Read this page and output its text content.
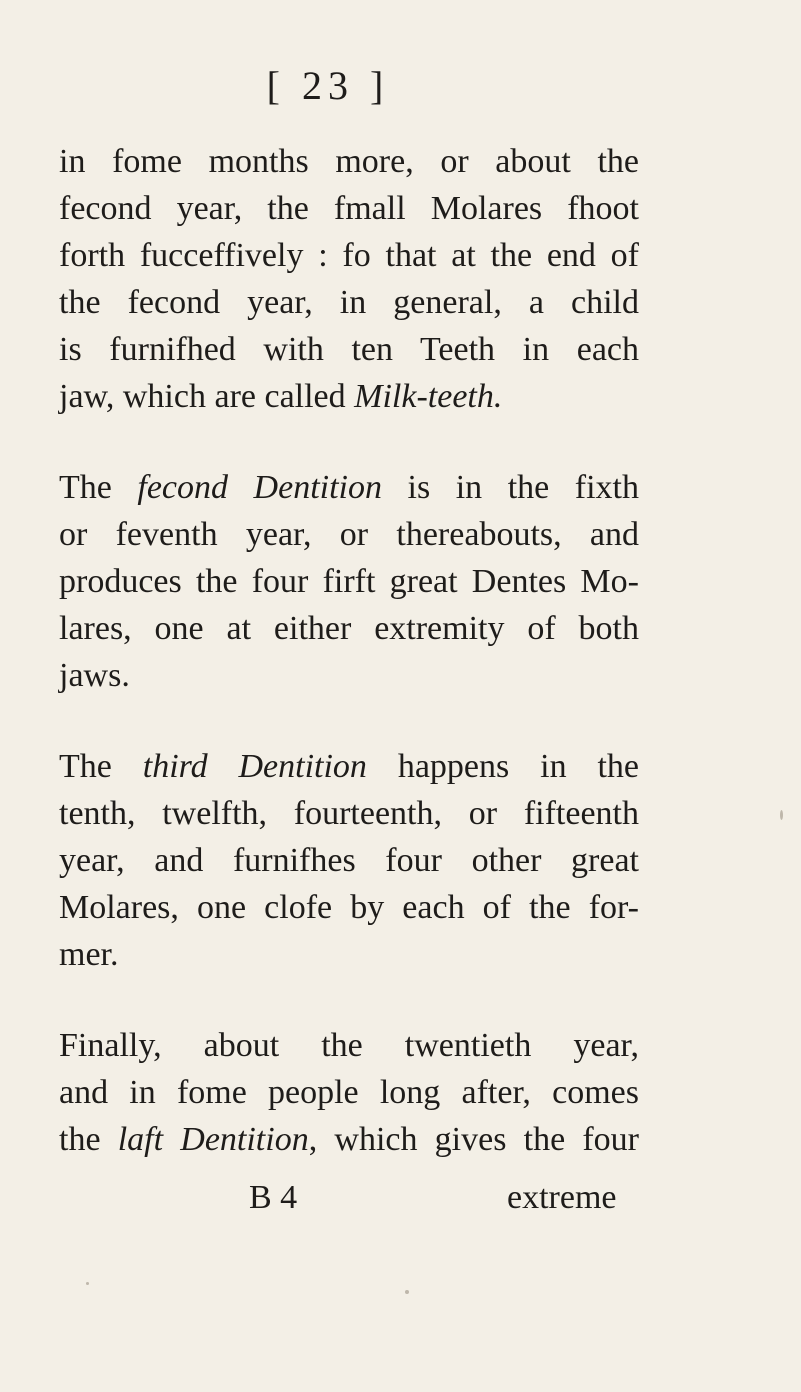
[ 23 ]
in fome months more, or about the
fecond year, the fmall Molares fhoot
forth fucceffively : fo that at the end of
the fecond year, in general, a child
is furnifhed with ten Teeth in each
jaw, which are called Milk-teeth.
The fecond Dentition is in the fixth
or feventh year, or thereabouts, and
produces the four firft great Dentes Mo-
lares, one at either extremity of both
jaws.
The third Dentition happens in the
tenth, twelfth, fourteenth, or fifteenth
year, and furnifhes four other great
Molares, one clofe by each of the for-
mer.
Finally, about the twentieth year,
and in fome people long after, comes
the laft Dentition, which gives the four
B 4	extreme
